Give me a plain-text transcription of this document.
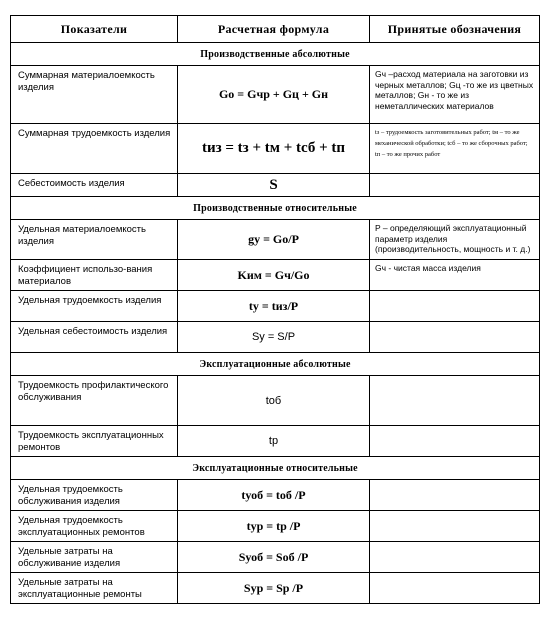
Показатели	Расчетная формула	Принятые обозначения
Производственные абсолютные		
Суммарная материалоемкость изделия	Gо = Gчр + Gц + Gн	Gч –расход материала на заготовки из черных металлов; Gц -то же из цветных металлов; Gн - то же из неметаллических материалов
Суммарная трудоемкость изделия	tиз = tз + tм + tсб + tп	tз – трудоемкость заготовительных работ; tм – то же механической обработки; tсб – то же сборочных работ; tп – то же прочих работ
Себестоимость изделия	S	
Производственные относительные		
Удельная материалоемкость изделия	gу = Gо/P	P – определяющий эксплуатационный параметр изделия (производительность, мощность и т. д.)
Коэффициент использо-вания материалов	Kим = Gч/Gо	Gч - чистая масса изделия
Удельная трудоемкость изделия	tу = tиз/P	
Удельная себестоимость изделия	Sу = S/P	
Эксплуатационные абсолютные		
Трудоемкость профилактического обслуживания	tоб	
Трудоемкость эксплуатационных ремонтов	tр	
Эксплуатационные относительные		
Удельная трудоемкость обслуживания изделия	tуоб = tоб /P	
Удельная трудоемкость эксплуатационных ремонтов	tур = tр /P	
Удельные затраты на обслуживание изделия	Sуоб = Sоб /P	
Удельные затраты на эксплуатационные ремонты	Sур = Sр /P	
